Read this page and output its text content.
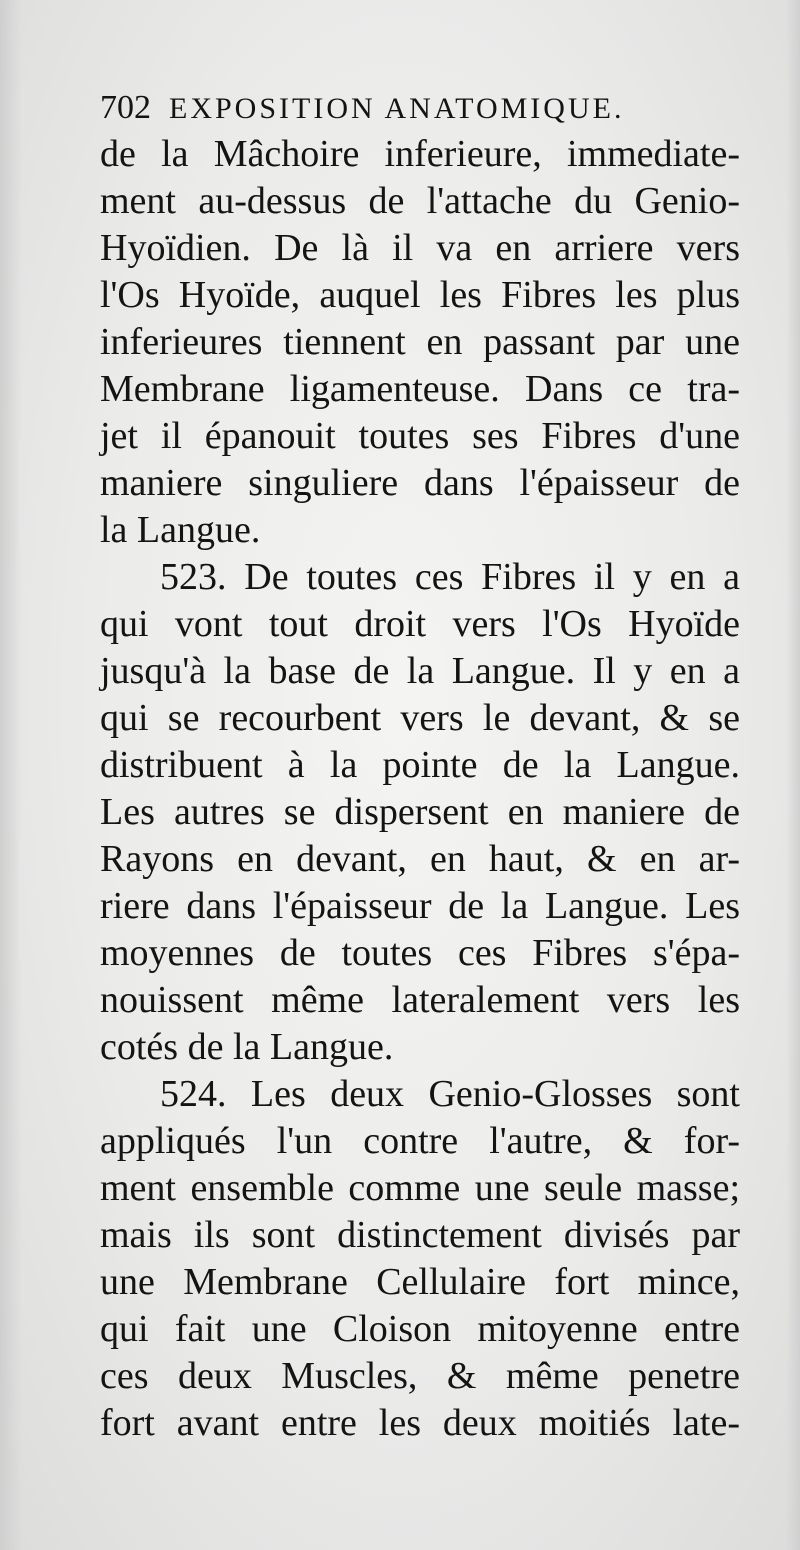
702 EXPOSITION ANATOMIQUE.
de la Mâchoire inferieure, immediate-
ment au-dessus de l'attache du Genio-
Hyoïdien. De là il va en arriere vers
l'Os Hyoïde, auquel les Fibres les plus
inferieures tiennent en passant par une
Membrane ligamenteuse. Dans ce tra-
jet il épanouit toutes ses Fibres d'une
maniere singuliere dans l'épaisseur de
la Langue.
523. De toutes ces Fibres il y en a
qui vont tout droit vers l'Os Hyoïde
jusqu'à la base de la Langue. Il y en a
qui se recourbent vers le devant, & se
distribuent à la pointe de la Langue.
Les autres se dispersent en maniere de
Rayons en devant, en haut, & en ar-
riere dans l'épaisseur de la Langue. Les
moyennes de toutes ces Fibres s'épa-
nouissent même lateralement vers les
cotés de la Langue.
524. Les deux Genio-Glosses sont
appliqués l'un contre l'autre, & for-
ment ensemble comme une seule masse;
mais ils sont distinctement divisés par
une Membrane Cellulaire fort mince,
qui fait une Cloison mitoyenne entre
ces deux Muscles, & même penetre
fort avant entre les deux moitiés late-
